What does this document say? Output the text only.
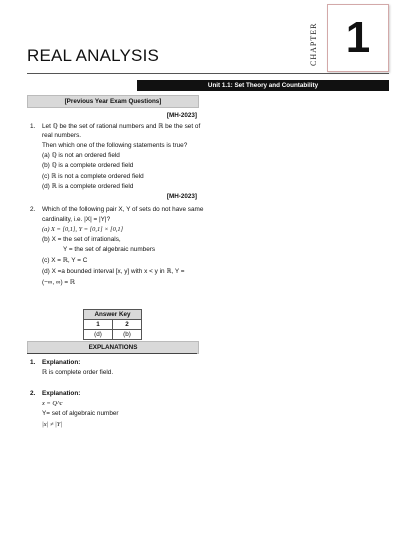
CHAPTER 1
REAL ANALYSIS
Unit 1.1: Set Theory and Countability
[Previous Year Exam Questions]
[MH-2023]
1. Let ℚ be the set of rational numbers and ℝ be the set of
real numbers.
Then which one of the following statements is true?
(a) ℚ is not an ordered field
(b) ℚ is a complete ordered field
(c) ℝ is not a complete ordered field
(d) ℝ is a complete ordered field
[MH-2023]
2. Which of the following pair X, Y of sets do not have same
cardinality, i.e. |X| = |Y|?
(a) X = [0,1], Y = [0,1] × [0,1]
(b) X = the set of irrationals,
Y = the set of algebraic numbers
(c) X = ℝ, Y = C
(d) X =a bounded interval [x, y] with x < y in ℝ, Y =
(−∞, ∞) = ℝ
Answer Key	
1	2
(d)	(b)
EXPLANATIONS
1. Explanation:
ℝ is complete order field.
2. Explanation:
x = Q^c
Y= set of algebraic number
|x| ≠ |Y|
